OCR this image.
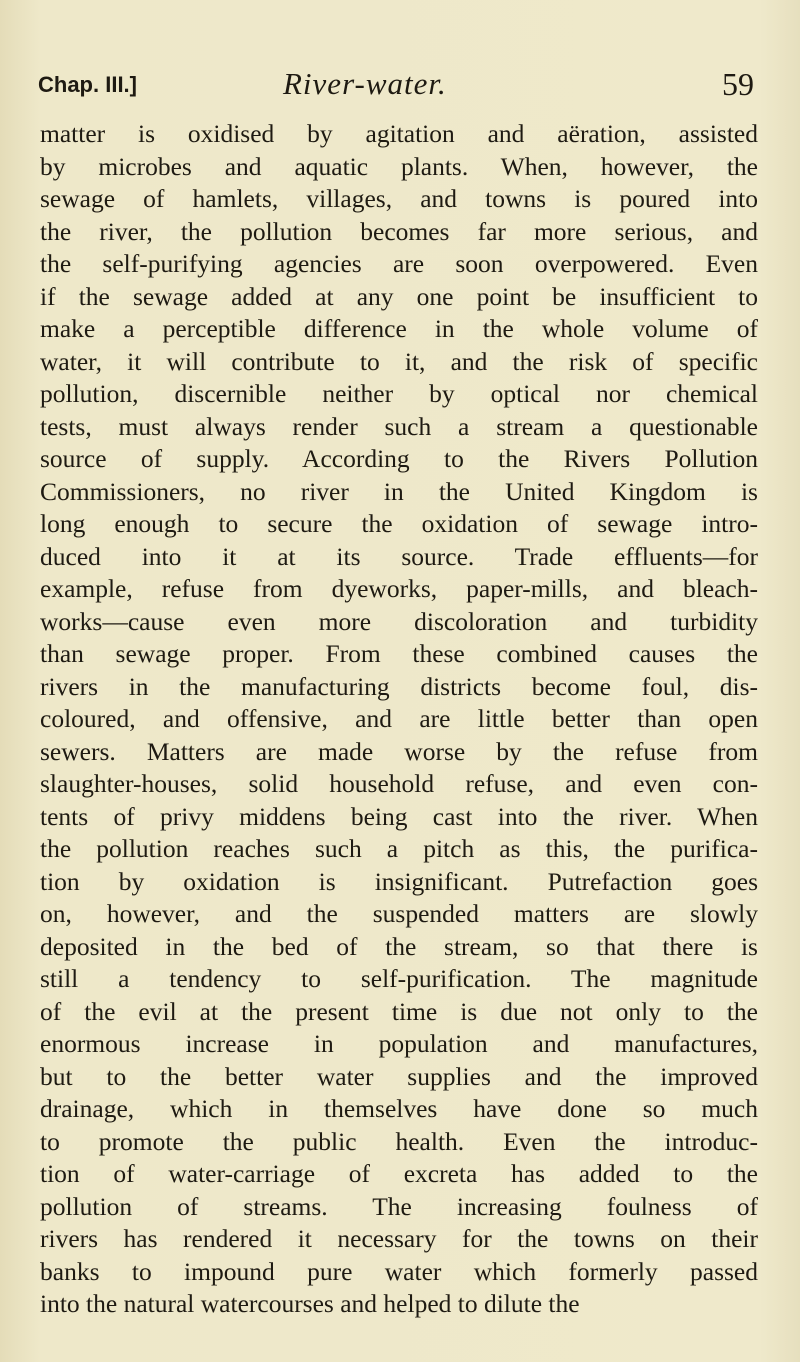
Chap. III.]	River-water.	59
matter is oxidised by agitation and aëration, assisted
by microbes and aquatic plants. When, however, the
sewage of hamlets, villages, and towns is poured into
the river, the pollution becomes far more serious, and
the self-purifying agencies are soon overpowered. Even
if the sewage added at any one point be insufficient to
make a perceptible difference in the whole volume of
water, it will contribute to it, and the risk of specific
pollution, discernible neither by optical nor chemical
tests, must always render such a stream a questionable
source of supply. According to the Rivers Pollution
Commissioners, no river in the United Kingdom is
long enough to secure the oxidation of sewage intro-
duced into it at its source. Trade effluents—for
example, refuse from dyeworks, paper-mills, and bleach-
works—cause even more discoloration and turbidity
than sewage proper. From these combined causes the
rivers in the manufacturing districts become foul, dis-
coloured, and offensive, and are little better than open
sewers. Matters are made worse by the refuse from
slaughter-houses, solid household refuse, and even con-
tents of privy middens being cast into the river. When
the pollution reaches such a pitch as this, the purifica-
tion by oxidation is insignificant. Putrefaction goes
on, however, and the suspended matters are slowly
deposited in the bed of the stream, so that there is
still a tendency to self-purification. The magnitude
of the evil at the present time is due not only to the
enormous increase in population and manufactures,
but to the better water supplies and the improved
drainage, which in themselves have done so much
to promote the public health. Even the introduc-
tion of water-carriage of excreta has added to the
pollution of streams. The increasing foulness of
rivers has rendered it necessary for the towns on their
banks to impound pure water which formerly passed
into the natural watercourses and helped to dilute the
